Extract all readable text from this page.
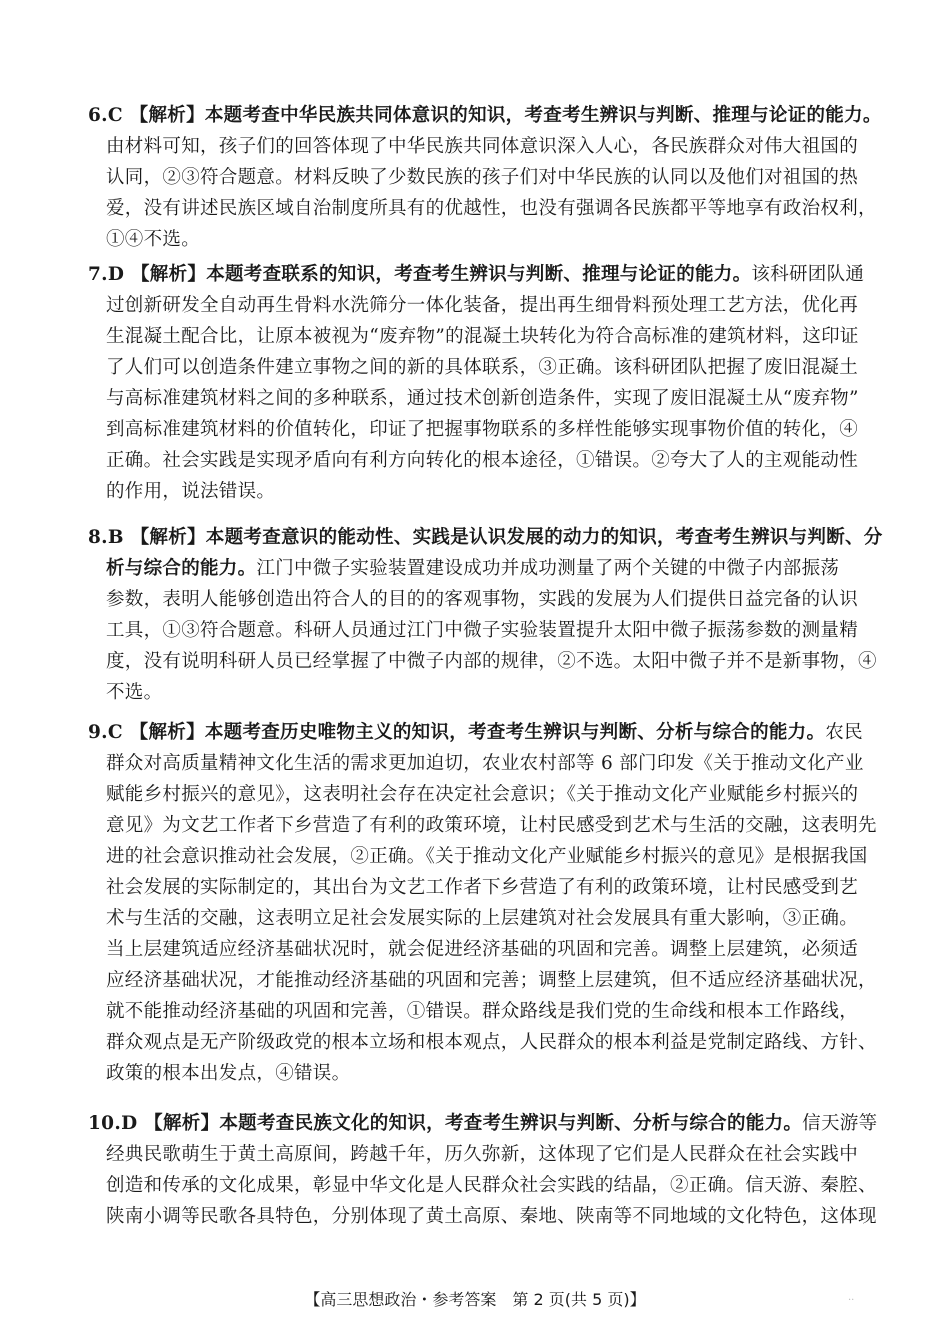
6.C 【解析】本题考查中华民族共同体意识的知识，考查考生辨识与判断、推理与论证的能力。
由材料可知，孩子们的回答体现了中华民族共同体意识深入人心，各民族群众对伟大祖国的
认同，②③符合题意。材料反映了少数民族的孩子们对中华民族的认同以及他们对祖国的热
爱，没有讲述民族区域自治制度所具有的优越性，也没有强调各民族都平等地享有政治权利，
①④不选。
7.D 【解析】本题考查联系的知识，考查考生辨识与判断、推理与论证的能力。该科研团队通
过创新研发全自动再生骨料水洗筛分一体化装备，提出再生细骨料预处理工艺方法，优化再
生混凝土配合比，让原本被视为“废弃物”的混凝土块转化为符合高标准的建筑材料，这印证
了人们可以创造条件建立事物之间的新的具体联系，③正确。该科研团队把握了废旧混凝土
与高标准建筑材料之间的多种联系，通过技术创新创造条件，实现了废旧混凝土从“废弃物”
到高标准建筑材料的价值转化，印证了把握事物联系的多样性能够实现事物价值的转化，④
正确。社会实践是实现矛盾向有利方向转化的根本途径，①错误。②夸大了人的主观能动性
的作用，说法错误。
8.B 【解析】本题考查意识的能动性、实践是认识发展的动力的知识，考查考生辨识与判断、分
析与综合的能力。江门中微子实验装置建设成功并成功测量了两个关键的中微子内部振荡
参数，表明人能够创造出符合人的目的的客观事物，实践的发展为人们提供日益完备的认识
工具，①③符合题意。科研人员通过江门中微子实验装置提升太阳中微子振荡参数的测量精
度，没有说明科研人员已经掌握了中微子内部的规律，②不选。太阳中微子并不是新事物，④
不选。
9.C 【解析】本题考查历史唯物主义的知识，考查考生辨识与判断、分析与综合的能力。农民
群众对高质量精神文化生活的需求更加迫切，农业农村部等 6 部门印发《关于推动文化产业
赋能乡村振兴的意见》，这表明社会存在决定社会意识；《关于推动文化产业赋能乡村振兴的
意见》为文艺工作者下乡营造了有利的政策环境，让村民感受到艺术与生活的交融，这表明先
进的社会意识推动社会发展，②正确。《关于推动文化产业赋能乡村振兴的意见》是根据我国
社会发展的实际制定的，其出台为文艺工作者下乡营造了有利的政策环境，让村民感受到艺
术与生活的交融，这表明立足社会发展实际的上层建筑对社会发展具有重大影响，③正确。
当上层建筑适应经济基础状况时，就会促进经济基础的巩固和完善。调整上层建筑，必须适
应经济基础状况，才能推动经济基础的巩固和完善；调整上层建筑，但不适应经济基础状况，
就不能推动经济基础的巩固和完善，①错误。群众路线是我们党的生命线和根本工作路线，
群众观点是无产阶级政党的根本立场和根本观点，人民群众的根本利益是党制定路线、方针、
政策的根本出发点，④错误。
10.D 【解析】本题考查民族文化的知识，考查考生辨识与判断、分析与综合的能力。信天游等
经典民歌萌生于黄土高原间，跨越千年，历久弥新，这体现了它们是人民群众在社会实践中
创造和传承的文化成果，彰显中华文化是人民群众社会实践的结晶，②正确。信天游、秦腔、
陕南小调等民歌各具特色，分别体现了黄土高原、秦地、陕南等不同地域的文化特色，这体现
【高三思想政治・参考答案　第 2 页(共 5 页)】	..
